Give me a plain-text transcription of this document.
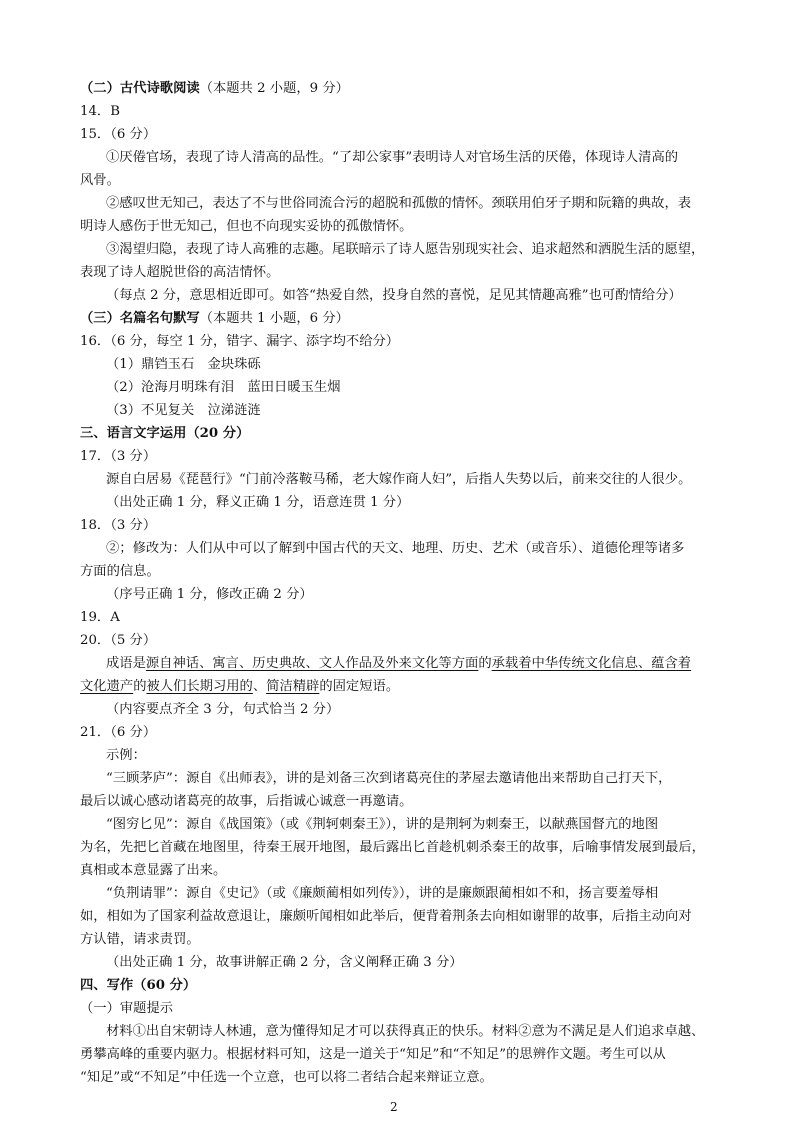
（二）古代诗歌阅读（本题共 2 小题，9 分）
14．B
15．（6 分）
①厌倦官场，表现了诗人清高的品性。“了却公家事”表明诗人对官场生活的厌倦，体现诗人清高的
风骨。
②感叹世无知己，表达了不与世俗同流合污的超脱和孤傲的情怀。颈联用伯牙子期和阮籍的典故，表
明诗人感伤于世无知己，但也不向现实妥协的孤傲情怀。
③渴望归隐，表现了诗人高雅的志趣。尾联暗示了诗人愿告别现实社会、追求超然和洒脱生活的愿望，
表现了诗人超脱世俗的高洁情怀。
（每点 2 分，意思相近即可。如答“热爱自然，投身自然的喜悦，足见其情趣高雅”也可酌情给分）
（三）名篇名句默写（本题共 1 小题，6 分）
16．（6 分，每空 1 分，错字、漏字、添字均不给分）
（1）鼎铛玉石　金块珠砾
（2）沧海月明珠有泪　蓝田日暖玉生烟
（3）不见复关　泣涕涟涟
三、语言文字运用（20 分）
17．（3 分）
源自白居易《琵琶行》“门前冷落鞍马稀，老大嫁作商人妇”，后指人失势以后，前来交往的人很少。
（出处正确 1 分，释义正确 1 分，语意连贯 1 分）
18．（3 分）
②；修改为：人们从中可以了解到中国古代的天文、地理、历史、艺术（或音乐）、道德伦理等诸多
方面的信息。
（序号正确 1 分，修改正确 2 分）
19．A
20．（5 分）
成语是源自神话、寓言、历史典故、文人作品及外来文化等方面的承载着中华传统文化信息、蕴含着
文化遗产的被人们长期习用的、简洁精辟的固定短语。
（内容要点齐全 3 分，句式恰当 2 分）
21．（6 分）
示例：
“三顾茅庐”：源自《出师表》，讲的是刘备三次到诸葛亮住的茅屋去邀请他出来帮助自己打天下，
最后以诚心感动诸葛亮的故事，后指诚心诚意一再邀请。
“图穷匕见”：源自《战国策》（或《荆轲刺秦王》），讲的是荆轲为刺秦王，以献燕国督亢的地图
为名，先把匕首藏在地图里，待秦王展开地图，最后露出匕首趁机刺杀秦王的故事，后喻事情发展到最后，
真相或本意显露了出来。
“负荆请罪”：源自《史记》（或《廉颇蔺相如列传》），讲的是廉颇跟蔺相如不和，扬言要羞辱相
如，相如为了国家利益故意退让，廉颇听闻相如此举后，便背着荆条去向相如谢罪的故事，后指主动向对
方认错，请求责罚。
（出处正确 1 分，故事讲解正确 2 分，含义阐释正确 3 分）
四、写作（60 分）
（一）审题提示
材料①出自宋朝诗人林逋，意为懂得知足才可以获得真正的快乐。材料②意为不满足是人们追求卓越、
勇攀高峰的重要内驱力。根据材料可知，这是一道关于“知足”和“不知足”的思辨作文题。考生可以从
“知足”或“不知足”中任选一个立意，也可以将二者结合起来辩证立意。
2
